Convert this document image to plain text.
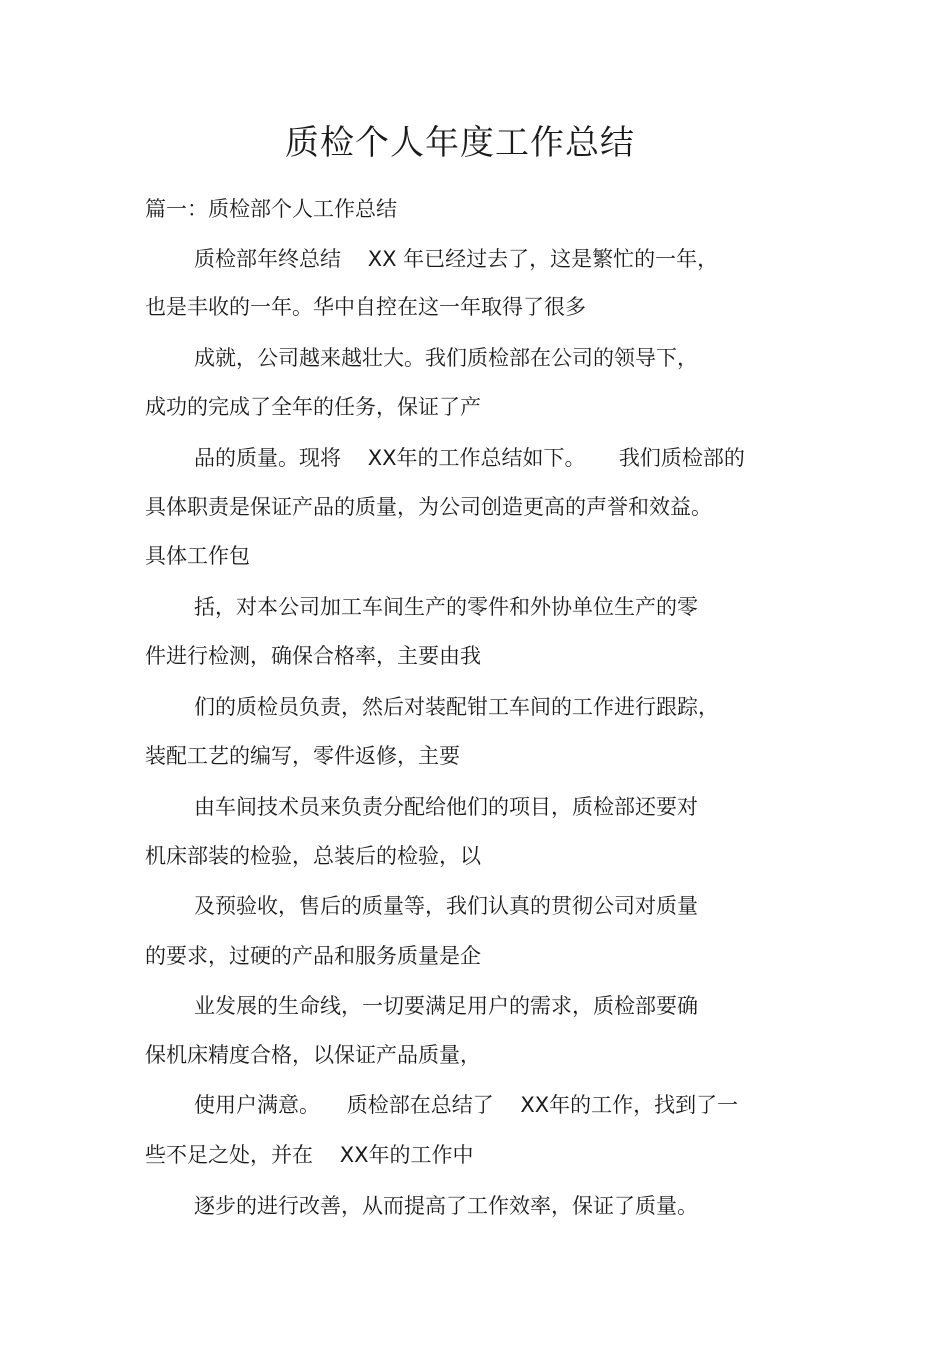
质检个人年度工作总结
篇一：质检部个人工作总结
质检部年终总结    XX 年已经过去了，这是繁忙的一年，
也是丰收的一年。华中自控在这一年取得了很多
成就，公司越来越壮大。我们质检部在公司的领导下，
成功的完成了全年的任务，保证了产
品的质量。现将    XX年的工作总结如下。     我们质检部的
具体职责是保证产品的质量，为公司创造更高的声誉和效益。
具体工作包
括，对本公司加工车间生产的零件和外协单位生产的零
件进行检测，确保合格率，主要由我
们的质检员负责，然后对装配钳工车间的工作进行跟踪，
装配工艺的编写，零件返修，主要
由车间技术员来负责分配给他们的项目，质检部还要对
机床部装的检验，总装后的检验，以
及预验收，售后的质量等，我们认真的贯彻公司对质量
的要求，过硬的产品和服务质量是企
业发展的生命线，一切要满足用户的需求，质检部要确
保机床精度合格，以保证产品质量，
使用户满意。    质检部在总结了    XX年的工作，找到了一
些不足之处，并在    XX年的工作中
逐步的进行改善，从而提高了工作效率，保证了质量。
